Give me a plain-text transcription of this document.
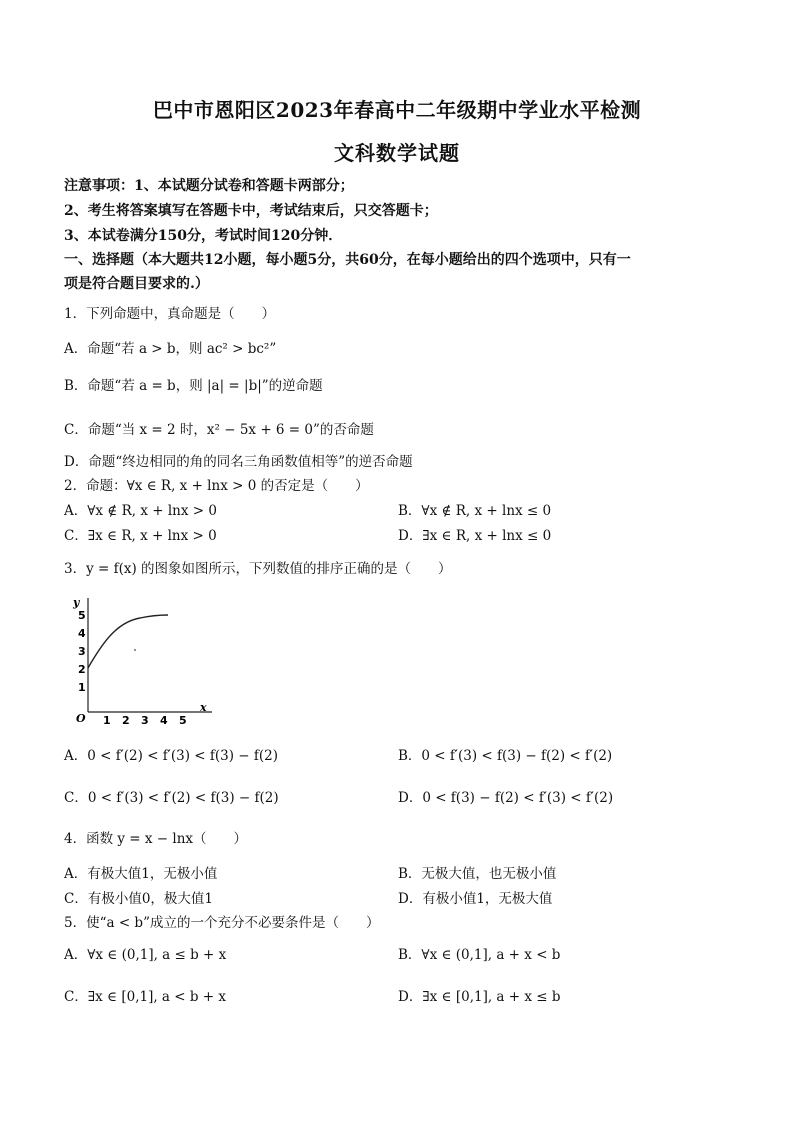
巴中市恩阳区2023年春高中二年级期中学业水平检测
文科数学试题
注意事项：1、本试题分试卷和答题卡两部分；
2、考生将答案填写在答题卡中，考试结束后，只交答题卡；
3、本试卷满分150分，考试时间120分钟．
一、选择题（本大题共12小题，每小题5分，共60分，在每小题给出的四个选项中，只有一
项是符合题目要求的.）
1．下列命题中，真命题是（　　）
A．命题“若 a > b，则 ac² > bc²”
B．命题“若 a = b，则 |a| = |b|”的逆命题
C．命题“当 x = 2 时，x² − 5x + 6 = 0”的否命题
D．命题“终边相同的角的同名三角函数值相等”的逆否命题
2．命题：∀x ∈ R, x + lnx > 0 的否定是（　　）
A．∀x ∉ R, x + lnx > 0	B．∀x ∉ R, x + lnx ≤ 0
C．∃x ∈ R, x + lnx > 0	D．∃x ∈ R, x + lnx ≤ 0
3．y = f(x) 的图象如图所示，下列数值的排序正确的是（　　）
y
x
O
1
2
3
4
5
1 2 3 4 5
A．0 < f′(2) < f′(3) < f(3) − f(2)	B．0 < f′(3) < f(3) − f(2) < f′(2)
C．0 < f′(3) < f′(2) < f(3) − f(2)	D．0 < f(3) − f(2) < f′(3) < f′(2)
4．函数 y = x − lnx（　　）
A．有极大值1，无极小值	B．无极大值，也无极小值
C．有极小值0，极大值1	D．有极小值1，无极大值
5．使“a < b”成立的一个充分不必要条件是（　　）
A．∀x ∈ (0,1], a ≤ b + x	B．∀x ∈ (0,1], a + x < b
C．∃x ∈ [0,1], a < b + x	D．∃x ∈ [0,1], a + x ≤ b
